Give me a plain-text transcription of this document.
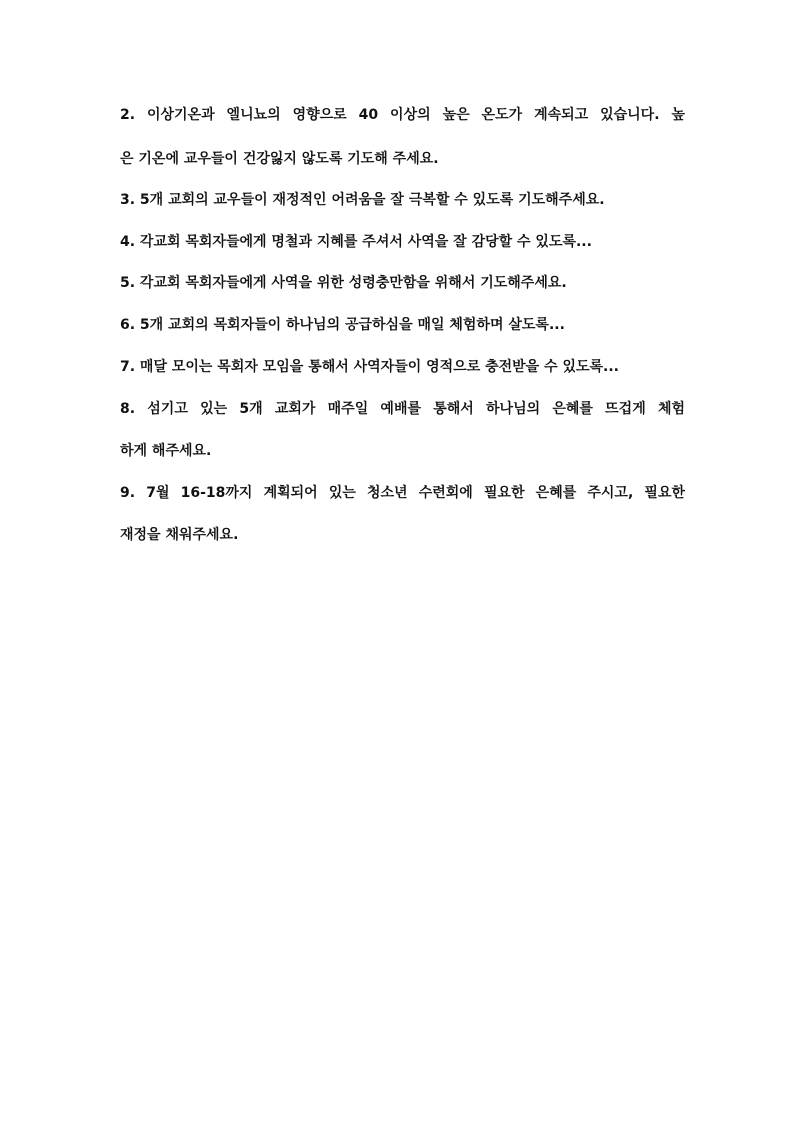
2. 이상기온과 엘니뇨의 영향으로 40 이상의 높은 온도가 계속되고 있습니다. 높

은 기온에 교우들이 건강잃지 않도록 기도해 주세요.

3. 5개 교회의 교우들이 재정적인 어려움을 잘 극복할 수 있도록 기도해주세요.

4. 각교회 목회자들에게 명철과 지혜를 주셔서 사역을 잘 감당할 수 있도록...

5. 각교회 목회자들에게 사역을 위한 성령충만함을 위해서 기도해주세요.

6. 5개 교회의 목회자들이 하나님의 공급하심을 매일 체험하며 살도록...

7. 매달 모이는 목회자 모임을 통해서 사역자들이 영적으로 충전받을 수 있도록...

8. 섬기고 있는 5개 교회가 매주일 예배를 통해서 하나님의 은혜를 뜨겁게 체험

하게 해주세요.

9. 7월 16-18까지 계획되어 있는 청소년 수련회에 필요한 은혜를 주시고, 필요한

재정을 채워주세요.
